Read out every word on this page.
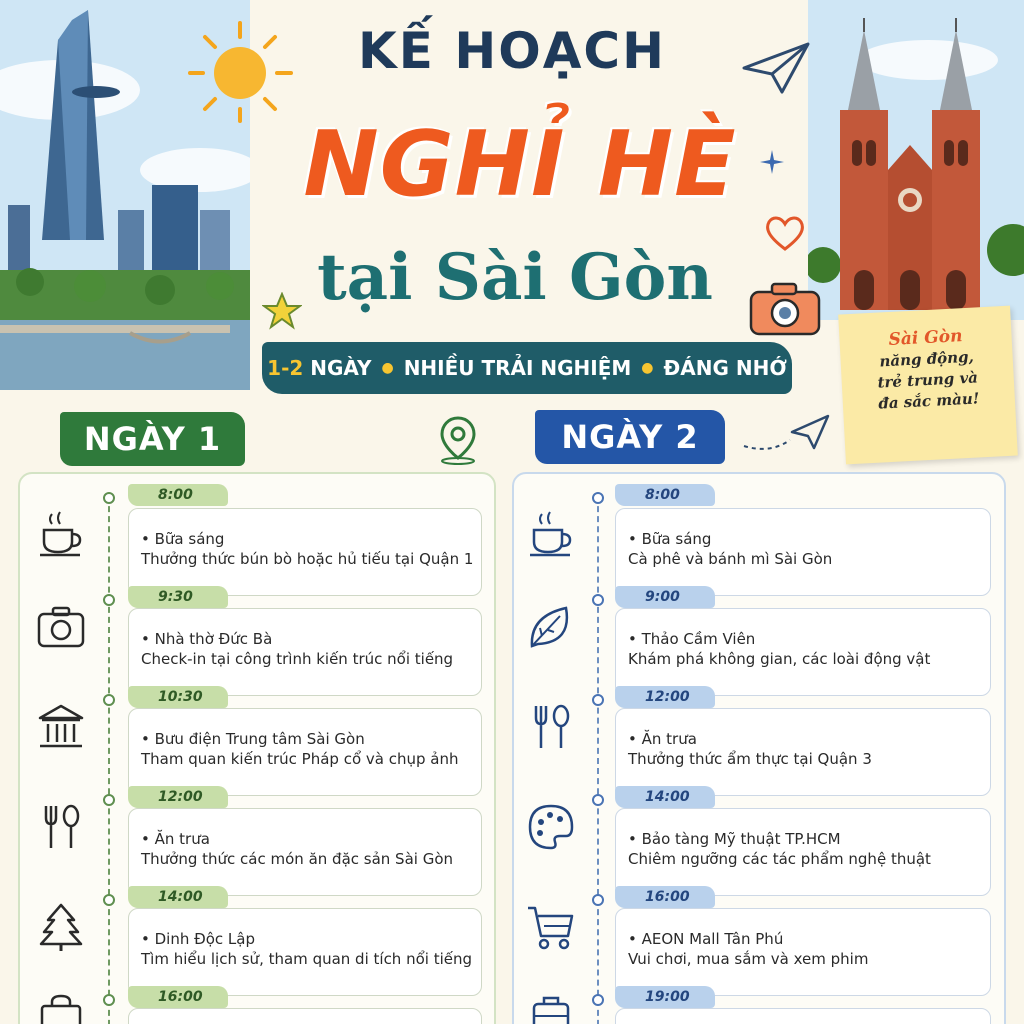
KẾ HOẠCH
NGHỈ HÈ
tại Sài Gòn
1-2 NGÀY ● NHIỀU TRẢI NGHIỆM ● ĐÁNG NHỚ
Sài Gòn
năng động,
trẻ trung và
đa sắc màu!
NGÀY 1	NGÀY 2
8:00
• Bữa sáng
Thưởng thức bún bò hoặc hủ tiếu tại Quận 1
9:30
• Nhà thờ Đức Bà
Check-in tại công trình kiến trúc nổi tiếng
10:30
• Bưu điện Trung tâm Sài Gòn
Tham quan kiến trúc Pháp cổ và chụp ảnh
12:00
• Ăn trưa
Thưởng thức các món ăn đặc sản Sài Gòn
14:00
• Dinh Độc Lập
Tìm hiểu lịch sử, tham quan di tích nổi tiếng
16:00
8:00
• Bữa sáng
Cà phê và bánh mì Sài Gòn
9:00
• Thảo Cầm Viên
Khám phá không gian, các loài động vật
12:00
• Ăn trưa
Thưởng thức ẩm thực tại Quận 3
14:00
• Bảo tàng Mỹ thuật TP.HCM
Chiêm ngưỡng các tác phẩm nghệ thuật
16:00
• AEON Mall Tân Phú
Vui chơi, mua sắm và xem phim
19:00
